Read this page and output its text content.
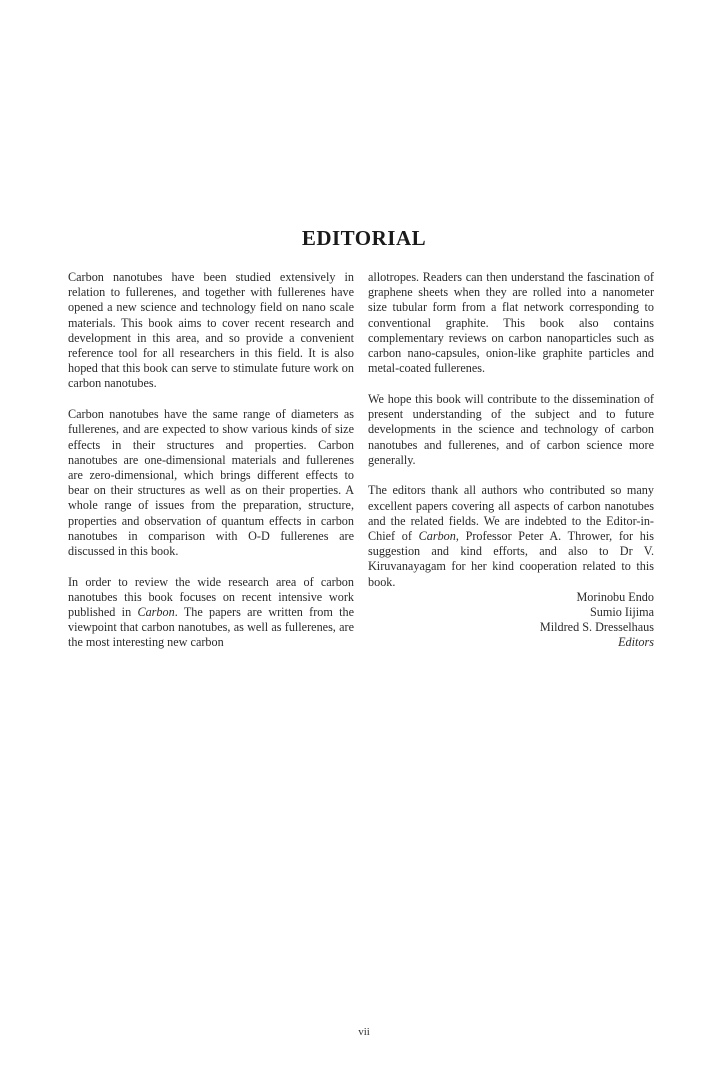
EDITORIAL

Carbon nanotubes have been studied extensively in relation to fullerenes, and together with fullerenes have opened a new science and technology field on nano scale materials. This book aims to cover recent research and development in this area, and so provide a convenient reference tool for all researchers in this field. It is also hoped that this book can serve to stimulate future work on carbon nanotubes.

Carbon nanotubes have the same range of diameters as fullerenes, and are expected to show various kinds of size effects in their structures and properties. Carbon nanotubes are one-dimensional materials and fullerenes are zero-dimensional, which brings different effects to bear on their structures as well as on their properties. A whole range of issues from the preparation, structure, properties and observation of quantum effects in carbon nanotubes in comparison with O-D fullerenes are discussed in this book.

In order to review the wide research area of carbon nanotubes this book focuses on recent intensive work published in Carbon. The papers are written from the viewpoint that carbon nanotubes, as well as fullerenes, are the most interesting new carbon

allotropes. Readers can then understand the fascination of graphene sheets when they are rolled into a nanometer size tubular form from a flat network corresponding to conventional graphite. This book also contains complementary reviews on carbon nanoparticles such as carbon nano-capsules, onion-like graphite particles and metal-coated fullerenes.

We hope this book will contribute to the dissemination of present understanding of the subject and to future developments in the science and technology of carbon nanotubes and fullerenes, and of carbon science more generally.

The editors thank all authors who contributed so many excellent papers covering all aspects of carbon nanotubes and the related fields. We are indebted to the Editor-in-Chief of Carbon, Professor Peter A. Thrower, for his suggestion and kind efforts, and also to Dr V. Kiruvanayagam for her kind cooperation related to this book.

Morinobu Endo
Sumio Iijima
Mildred S. Dresselhaus
Editors
vii
